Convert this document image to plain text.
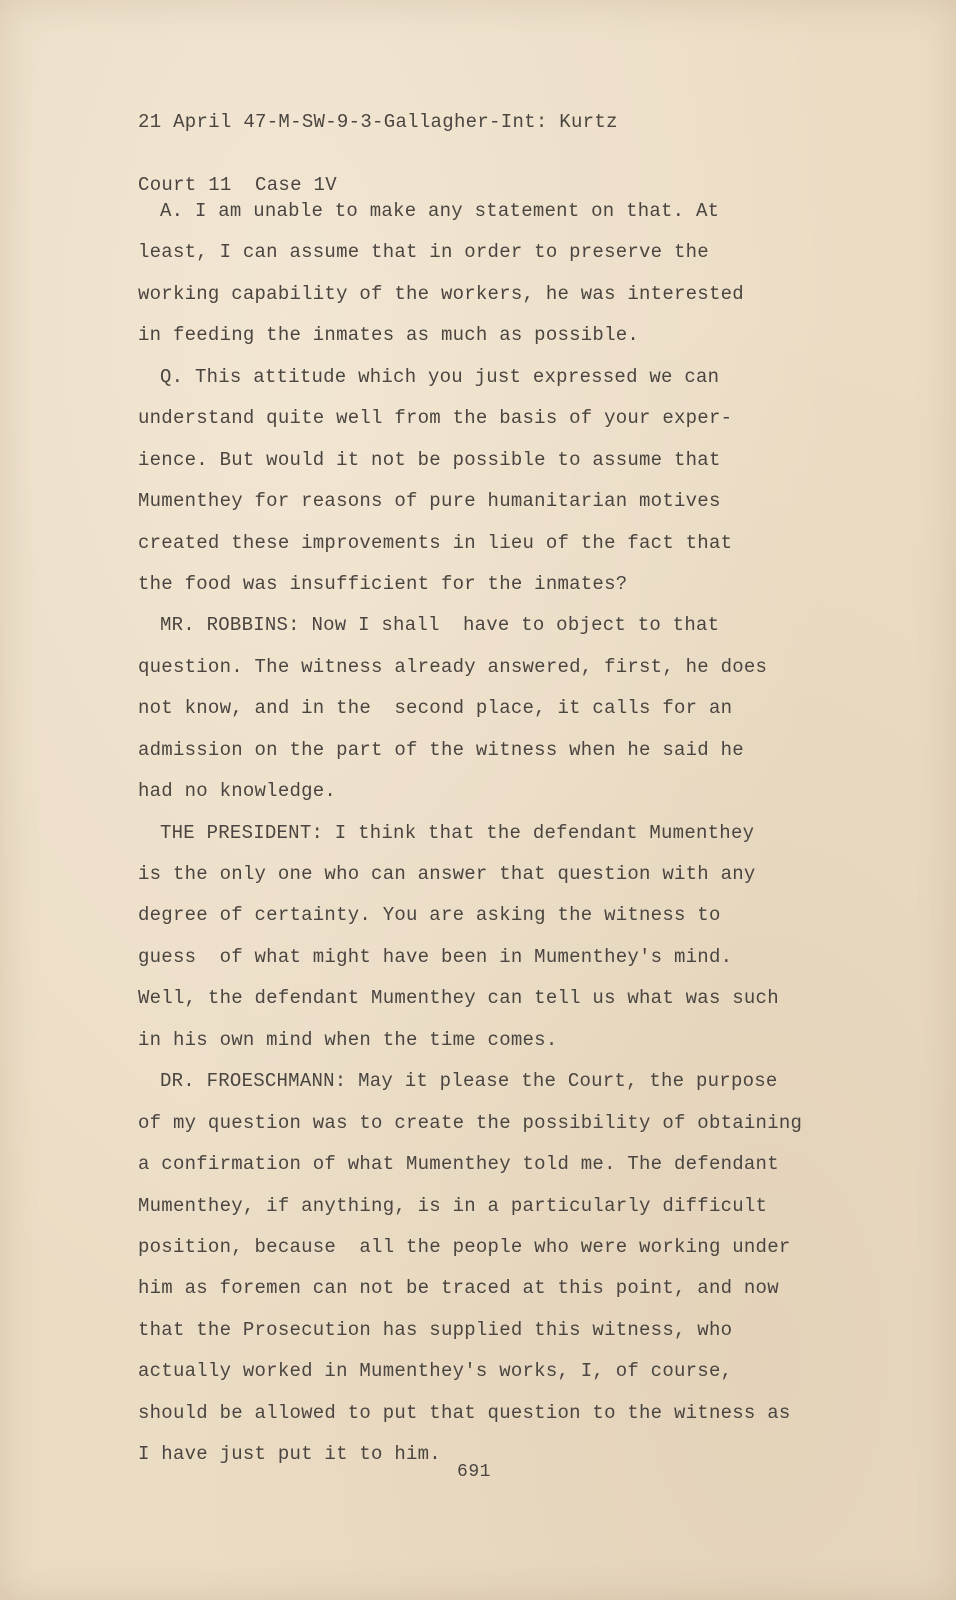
21 April 47-M-SW-9-3-Gallagher-Int: Kurtz

Court 11  Case 1V

A. I am unable to make any statement on that. At
least, I can assume that in order to preserve the
working capability of the workers, he was interested
in feeding the inmates as much as possible.
Q. This attitude which you just expressed we can
understand quite well from the basis of your exper-
ience. But would it not be possible to assume that
Mumenthey for reasons of pure humanitarian motives
created these improvements in lieu of the fact that
the food was insufficient for the inmates?
MR. ROBBINS: Now I shall  have to object to that
question. The witness already answered, first, he does
not know, and in the  second place, it calls for an
admission on the part of the witness when he said he
had no knowledge.
THE PRESIDENT: I think that the defendant Mumenthey
is the only one who can answer that question with any
degree of certainty. You are asking the witness to
guess  of what might have been in Mumenthey's mind.
Well, the defendant Mumenthey can tell us what was such
in his own mind when the time comes.
DR. FROESCHMANN: May it please the Court, the purpose
of my question was to create the possibility of obtaining
a confirmation of what Mumenthey told me. The defendant
Mumenthey, if anything, is in a particularly difficult
position, because  all the people who were working under
him as foremen can not be traced at this point, and now
that the Prosecution has supplied this witness, who
actually worked in Mumenthey's works, I, of course,
should be allowed to put that question to the witness as
I have just put it to him.
691
